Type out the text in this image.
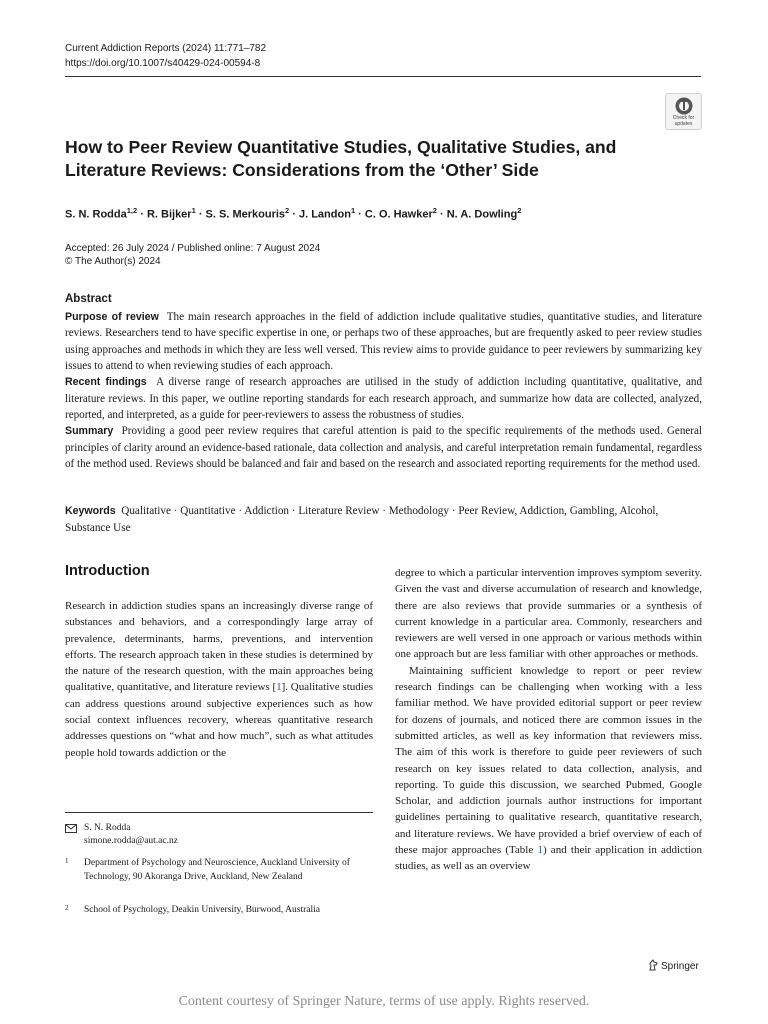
Current Addiction Reports (2024) 11:771–782
https://doi.org/10.1007/s40429-024-00594-8
Check for
updates
How to Peer Review Quantitative Studies, Qualitative Studies, and Literature Reviews: Considerations from the ‘Other’ Side
S. N. Rodda$^{1,2}$ · R. Bijker$^1$ · S. S. Merkouris$^2$ · J. Landon$^1$ · C. O. Hawker$^2$ · N. A. Dowling$^2$
Accepted: 26 July 2024 / Published online: 7 August 2024
© The Author(s) 2024
Abstract
Purpose of review The main research approaches in the field of addiction include qualitative studies, quantitative studies, and literature reviews. Researchers tend to have specific expertise in one, or perhaps two of these approaches, but are frequently asked to peer review studies using approaches and methods in which they are less well versed. This review aims to provide guidance to peer reviewers by summarizing key issues to attend to when reviewing studies of each approach.
Recent findings A diverse range of research approaches are utilised in the study of addiction including quantitative, qualitative, and literature reviews. In this paper, we outline reporting standards for each research approach, and summarize how data are collected, analyzed, reported, and interpreted, as a guide for peer-reviewers to assess the robustness of studies.
Summary Providing a good peer review requires that careful attention is paid to the specific requirements of the methods used. General principles of clarity around an evidence-based rationale, data collection and analysis, and careful interpretation remain fundamental, regardless of the method used. Reviews should be balanced and fair and based on the research and associated reporting requirements for the method used.
Keywords Qualitative · Quantitative · Addiction · Literature Review · Methodology · Peer Review, Addiction, Gambling, Alcohol, Substance Use
Introduction

Research in addiction studies spans an increasingly diverse range of substances and behaviors, and a correspondingly large array of prevalence, determinants, harms, preventions, and intervention efforts. The research approach taken in these studies is determined by the nature of the research question, with the main approaches being qualitative, quantitative, and literature reviews [1]. Qualitative studies can address questions around subjective experiences such as how social context influences recovery, whereas quantitative research addresses questions on “what and how much”, such as what attitudes people hold towards addiction or the

degree to which a particular intervention improves symptom severity. Given the vast and diverse accumulation of research and knowledge, there are also reviews that provide summaries or a synthesis of current knowledge in a particular area. Commonly, researchers and reviewers are well versed in one approach or various methods within one approach but are less familiar with other approaches or methods.

Maintaining sufficient knowledge to report or peer review research findings can be challenging when working with a less familiar method. We have provided editorial support or peer review for dozens of journals, and noticed there are common issues in the submitted articles, as well as key information that reviewers miss. The aim of this work is therefore to guide peer reviewers of such research on key issues related to data collection, analysis, and reporting. To guide this discussion, we searched Pubmed, Google Scholar, and addiction journals author instructions for important guidelines pertaining to qualitative research, quantitative research, and literature reviews. We have provided a brief overview of each of these major approaches (Table 1) and their application in addiction studies, as well as an overview

S. N. Rodda
simone.rodda@aut.ac.nz
1 Department of Psychology and Neuroscience, Auckland University of Technology, 90 Akoranga Drive, Auckland, New Zealand
2 School of Psychology, Deakin University, Burwood, Australia
Springer
Content courtesy of Springer Nature, terms of use apply. Rights reserved.
